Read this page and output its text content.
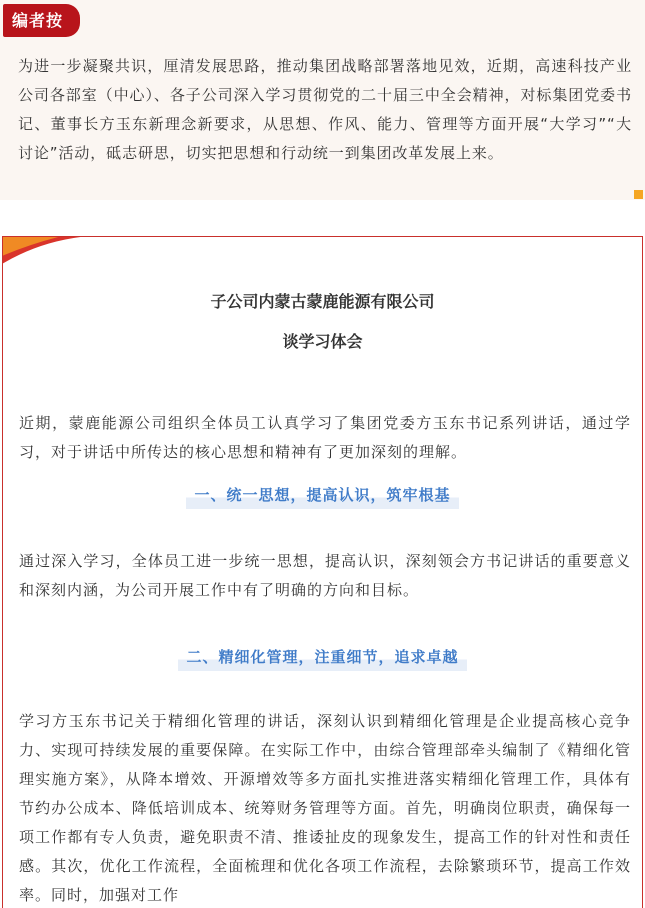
编者按

为进一步凝聚共识，厘清发展思路，推动集团战略部署落地见效，近期，高速科技产业公司各部室（中心）、各子公司深入学习贯彻党的二十届三中全会精神，对标集团党委书记、董事长方玉东新理念新要求，从思想、作风、能力、管理等方面开展“大学习”“大讨论”活动，砥志研思，切实把思想和行动统一到集团改革发展上来。

子公司内蒙古蒙鹿能源有限公司
谈学习体会

近期，蒙鹿能源公司组织全体员工认真学习了集团党委方玉东书记系列讲话，通过学习，对于讲话中所传达的核心思想和精神有了更加深刻的理解。

一、统一思想，提高认识，筑牢根基

通过深入学习，全体员工进一步统一思想，提高认识，深刻领会方书记讲话的重要意义和深刻内涵，为公司开展工作中有了明确的方向和目标。

二、精细化管理，注重细节，追求卓越

学习方玉东书记关于精细化管理的讲话，深刻认识到精细化管理是企业提高核心竞争力、实现可持续发展的重要保障。在实际工作中，由综合管理部牵头编制了《精细化管理实施方案》，从降本增效、开源增效等多方面扎实推进落实精细化管理工作，具体有节约办公成本、降低培训成本、统筹财务管理等方面。首先，明确岗位职责，确保每一项工作都有专人负责，避免职责不清、推诿扯皮的现象发生，提高工作的针对性和责任感。其次，优化工作流程，全面梳理和优化各项工作流程，去除繁琐环节，提高工作效率。同时，加强对工作
